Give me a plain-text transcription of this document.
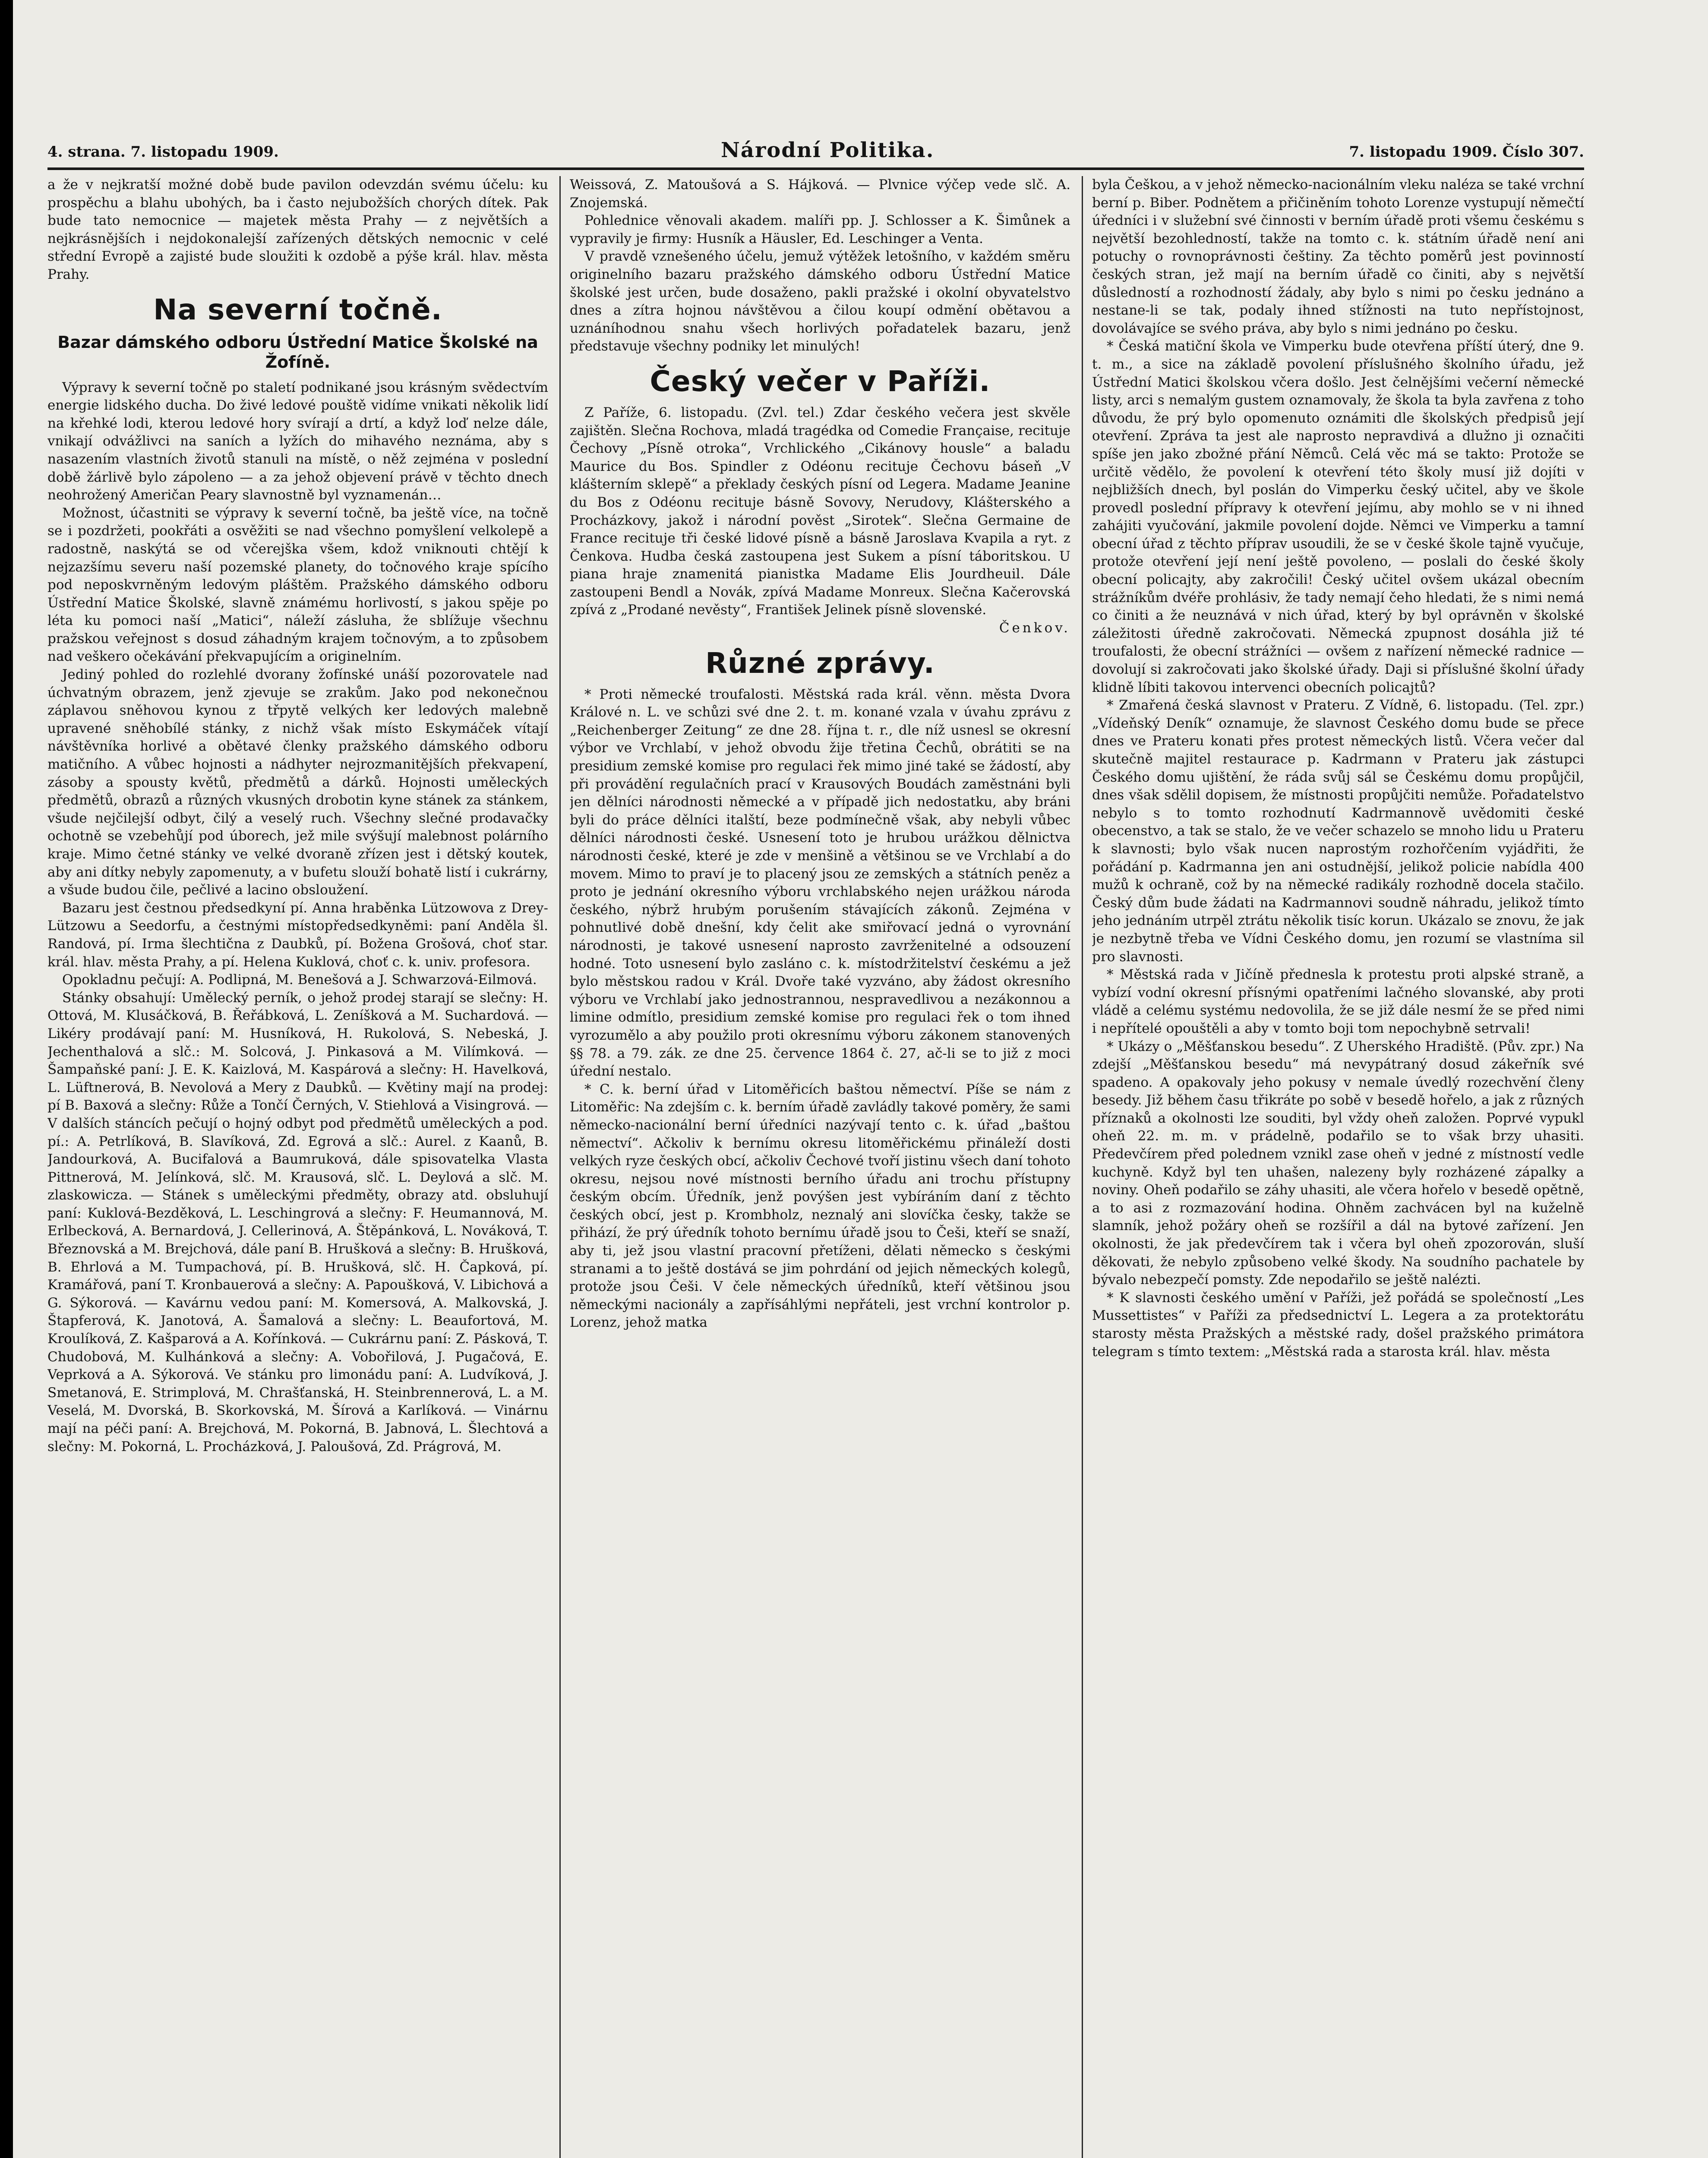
4. strana. 7. listopadu 1909.	Národní Politika.	7. listopadu 1909. Číslo 307.

a že v nejkratší možné době bude pavilon odevzdán svému účelu: ku prospěchu a blahu ubohých, ba i často nejubožších chorých dítek. Pak bude tato nemocnice — majetek města Prahy — z největších a nejkrásnějších i nejdokonalejší zařízených dětských nemocnic v celé střední Evropě a zajisté bude sloužiti k ozdobě a pýše král. hlav. města Prahy.

Na severní točně.
Bazar dámského odboru Ústřední Matice Školské na Žofíně.

Výpravy k severní točně po staletí podnikané jsou krásným svědectvím energie lidského ducha. Do živé ledové pouště vidíme vnikati několik lidí na křehké lodi, kterou ledové hory svírají a drtí, a když loď nelze dále, vnikají odvážlivci na saních a lyžích do mihavého neznáma, aby s nasazením vlastních životů stanuli na místě, o něž zejména v poslední době žárlivě bylo zápoleno — a za jehož objevení právě v těchto dnech neohrožený Američan Peary slavnostně byl vyznamenán…

Možnost, účastniti se výpravy k severní točně, ba ještě více, na točně se i pozdržeti, pookřáti a osvěžiti se nad všechno pomyšlení velkolepě a radostně, naskýtá se od včerejška všem, kdož vniknouti chtějí k nejzazšímu severu naší pozemské planety, do točnového kraje spícího pod neposkvrněným ledovým pláštěm. Pražského dámského odboru Ústřední Matice Školské, slavně známému horlivostí, s jakou spěje po léta ku pomoci naší „Matici“, náleží zásluha, že sblížuje všechnu pražskou veřejnost s dosud záhadným krajem točnovým, a to způsobem nad veškero očekávání překvapujícím a originelním.

Jediný pohled do rozlehlé dvorany žofínské unáší pozorovatele nad úchvatným obrazem, jenž zjevuje se zrakům. Jako pod nekonečnou záplavou sněhovou kynou z třpytě velkých ker ledových malebně upravené sněhobílé stánky, z nichž však místo Eskymáček vítají návštěvníka horlivé a obětavé členky pražského dámského odboru matičního. A vůbec hojnosti a nádhyter nejrozmanitějších překvapení, zásoby a spousty květů, předmětů a dárků. Hojnosti uměleckých předmětů, obrazů a různých vkusných drobotin kyne stánek za stánkem, všude nejčilejší odbyt, čilý a veselý ruch. Všechny slečné prodavačky ochotně se vzebehůjí pod úborech, jež mile svýšují malebnost polárního kraje. Mimo četné stánky ve velké dvoraně zřízen jest i dětský koutek, aby ani dítky nebyly zapomenuty, a v bufetu slouží bohatě listí i cukrárny, a všude budou čile, pečlivé a lacino obsloužení.

Bazaru jest čestnou předsedkyní pí. Anna hraběnka Lützowova z Drey-Lützowu a Seedorfu, a čestnými místopředsedkyněmi: paní Anděla šl. Randová, pí. Irma šlechtična z Daubků, pí. Božena Grošová, choť star. král. hlav. města Prahy, a pí. Helena Kuklová, choť c. k. univ. profesora.

Opokladnu pečují: A. Podlipná, M. Benešová a J. Schwarzová-Eilmová.

Stánky obsahují: Umělecký perník, o jehož prodej starají se slečny: H. Ottová, M. Klusáčková, B. Řeřábková, L. Zeníšková a M. Suchardová. — Likéry prodávají paní: M. Husníková, H. Rukolová, S. Nebeská, J. Jechenthalová a slč.: M. Solcová, J. Pinkasová a M. Vilímková. — Šampaňské paní: J. E. K. Kaizlová, M. Kaspárová a slečny: H. Havelková, L. Lüftnerová, B. Nevolová a Mery z Daubků. — Květiny mají na prodej: pí B. Baxová a slečny: Růže a Tončí Černých, V. Stiehlová a Visingrová. — V dalších stáncích pečují o hojný odbyt pod předmětů uměleckých a pod. pí.: A. Petrlíková, B. Slavíková, Zd. Egrová a slč.: Aurel. z Kaanů, B. Jandourková, A. Bucifalová a Baumruková, dále spisovatelka Vlasta Pittnerová, M. Jelínková, slč. M. Krausová, slč. L. Deylová a slč. M. zlaskowicza. — Stánek s uměleckými předměty, obrazy atd. obsluhují paní: Kuklová-Bezděková, L. Leschingrová a slečny: F. Heumannová, M. Erlbecková, A. Bernardová, J. Cellerinová, A. Štěpánková, L. Nováková, T. Březnovská a M. Brejchová, dále paní B. Hrušková a slečny: B. Hrušková, B. Ehrlová a M. Tumpachová, pí. B. Hrušková, slč. H. Čapková, pí. Kramářová, paní T. Kronbauerová a slečny: A. Papoušková, V. Libichová a G. Sýkorová. — Kavárnu vedou paní: M. Komersová, A. Malkovská, J. Štapferová, K. Janotová, A. Šamalová a slečny: L. Beaufortová, M. Kroulíková, Z. Kašparová a A. Kořínková. — Cukrárnu paní: Z. Pásková, T. Chudobová, M. Kulhánková a slečny: A. Vobořilová, J. Pugačová, E. Veprková a A. Sýkorová. Ve stánku pro limonádu paní: A. Ludvíková, J. Smetanová, E. Strimplová, M. Chrašťanská, H. Steinbrennerová, L. a M. Veselá, M. Dvorská, B. Skorkovská, M. Šírová a Karlíková. — Vinárnu mají na péči paní: A. Brejchová, M. Pokorná, B. Jabnová, L. Šlechtová a slečny: M. Pokorná, L. Procházková, J. Paloušová, Zd. Prágrová, M.

Weissová, Z. Matoušová a S. Hájková. — Plvnice výčep vede slč. A. Znojemská.

Pohlednice věnovali akadem. malíři pp. J. Schlosser a K. Šimůnek a vypravily je firmy: Husník a Häusler, Ed. Leschinger a Venta.

V pravdě vznešeného účelu, jemuž výtěžek letošního, v každém směru originelního bazaru pražského dámského odboru Ústřední Matice školské jest určen, bude dosaženo, pakli pražské i okolní obyvatelstvo dnes a zítra hojnou návštěvou a čilou koupí odmění obětavou a uznáníhodnou snahu všech horlivých pořadatelek bazaru, jenž představuje všechny podniky let minulých!

Český večer v Paříži.

Z Paříže, 6. listopadu. (Zvl. tel.) Zdar českého večera jest skvěle zajištěn. Slečna Rochova, mladá tragédka od Comedie Française, recituje Čechovy „Písně otroka“, Vrchlického „Cikánovy housle“ a baladu Maurice du Bos. Spindler z Odéonu recituje Čechovu báseň „V klášterním sklepě“ a překlady českých písní od Legera. Madame Jeanine du Bos z Odéonu recituje básně Sovovy, Nerudovy, Klášterského a Procházkovy, jakož i národní pověst „Sirotek“. Slečna Germaine de France recituje tři české lidové písně a básně Jaroslava Kvapila a ryt. z Čenkova. Hudba česká zastoupena jest Sukem a písní táboritskou. U piana hraje znamenitá pianistka Madame Elis Jourdheuil. Dále zastoupeni Bendl a Novák, zpívá Madame Monreux. Slečna Kačerovská zpívá z „Prodané nevěsty“, František Jelinek písně slovenské.

Čenkov.

Různé zprávy.

* Proti německé troufalosti. Městská rada král. věnn. města Dvora Králové n. L. ve schůzi své dne 2. t. m. konané vzala v úvahu zprávu z „Reichenberger Zeitung“ ze dne 28. října t. r., dle níž usnesl se okresní výbor ve Vrchlabí, v jehož obvodu žije třetina Čechů, obrátiti se na presidium zemské komise pro regulaci řek mimo jiné také se žádostí, aby při provádění regulačních prací v Krausových Boudách zaměstnáni byli jen dělníci národnosti německé a v případě jich nedostatku, aby bráni byli do práce dělníci italští, beze podmínečně však, aby nebyli vůbec dělníci národnosti české. Usnesení toto je hrubou urážkou dělnictva národnosti české, které je zde v menšině a většinou se ve Vrchlabí a do movem. Mimo to praví je to placený jsou ze zemských a státních peněz a proto je jednání okresního výboru vrchlabského nejen urážkou národa českého, nýbrž hrubým porušením stávajících zákonů. Zejména v pohnutlivé době dnešní, kdy čelit ake smiřovací jedná o vyrovnání národnosti, je takové usnesení naprosto zavrženitelné a odsouzení hodné. Toto usnesení bylo zasláno c. k. místodržitelství českému a jež bylo městskou radou v Král. Dvoře také vyzváno, aby žádost okresního výboru ve Vrchlabí jako jednostrannou, nespravedlivou a nezákonnou a limine odmítlo, presidium zemské komise pro regulaci řek o tom ihned vyrozumělo a aby použilo proti okresnímu výboru zákonem stanovených §§ 78. a 79. zák. ze dne 25. července 1864 č. 27, ač-li se to již z moci úřední nestalo.

* C. k. berní úřad v Litoměřicích baštou němectví. Píše se nám z Litoměřic: Na zdejším c. k. berním úřadě zavládly takové poměry, že sami německo-nacionální berní úředníci nazývají tento c. k. úřad „baštou němectví“. Ačkoliv k bernímu okresu litoměřickému přináleží dosti velkých ryze českých obcí, ačkoliv Čechové tvoří jistinu všech daní tohoto okresu, nejsou nové místnosti berního úřadu ani trochu přístupny českým obcím. Úředník, jenž povýšen jest vybíráním daní z těchto českých obcí, jest p. Krombholz, neznalý ani slovíčka česky, takže se přihází, že prý úředník tohoto bernímu úřadě jsou to Češi, kteří se snaží, aby ti, jež jsou vlastní pracovní přetíženi, dělati německo s českými stranami a to ještě dostává se jim pohrdání od jejich německých kolegů, protože jsou Češi. V čele německých úředníků, kteří většinou jsou německými nacionály a zapřísáhlými nepřáteli, jest vrchní kontrolor p. Lorenz, jehož matka

byla Češkou, a v jehož německo-nacionálním vleku naléza se také vrchní berní p. Biber. Podnětem a přičiněním tohoto Lorenze vystupují němečtí úředníci i v služební své činnosti v berním úřadě proti všemu českému s největší bezohledností, takže na tomto c. k. státním úřadě není ani potuchy o rovnoprávnosti češtiny. Za těchto poměrů jest povinností českých stran, jež mají na berním úřadě co činiti, aby s největší důsledností a rozhodností žádaly, aby bylo s nimi po česku jednáno a nestane-li se tak, podaly ihned stížnosti na tuto nepřístojnost, dovolávajíce se svého práva, aby bylo s nimi jednáno po česku.

* Česká matiční škola ve Vimperku bude otevřena příští úterý, dne 9. t. m., a sice na základě povolení příslušného školního úřadu, jež Ústřední Matici školskou včera došlo. Jest čelnějšími večerní německé listy, arci s nemalým gustem oznamovaly, že škola ta byla zavřena z toho důvodu, že prý bylo opomenuto oznámiti dle školských předpisů její otevření. Zpráva ta jest ale naprosto nepravdivá a dlužno ji označiti spíše jen jako zbožné přání Němců. Celá věc má se takto: Protože se určitě vědělo, že povolení k otevření této školy musí již dojíti v nejbližších dnech, byl poslán do Vimperku český učitel, aby ve škole provedl poslední přípravy k otevření jejímu, aby mohlo se v ni ihned zahájiti vyučování, jakmile povolení dojde. Němci ve Vimperku a tamní obecní úřad z těchto příprav usoudili, že se v české škole tajně vyučuje, protože otevření její není ještě povoleno, — poslali do české školy obecní policajty, aby zakročili! Český učitel ovšem ukázal obecním strážníkům dvéře prohlásiv, že tady nemají čeho hledati, že s nimi nemá co činiti a že neuznává v nich úřad, který by byl oprávněn v školské záležitosti úředně zakročovati. Německá zpupnost dosáhla již té troufalosti, že obecní strážníci — ovšem z nařízení německé radnice — dovolují si zakročovati jako školské úřady. Daji si příslušné školní úřady klidně líbiti takovou intervenci obecních policajtů?

* Zmařená česká slavnost v Prateru. Z Vídně, 6. listopadu. (Tel. zpr.) „Vídeňský Deník“ oznamuje, že slavnost Českého domu bude se přece dnes ve Prateru konati přes protest německých listů. Včera večer dal skutečně majitel restaurace p. Kadrmann v Prateru jak zástupci Českého domu ujištění, že ráda svůj sál se Českému domu propůjčil, dnes však sdělil dopisem, že místnosti propůjčiti nemůže. Pořadatelstvo nebylo s to tomto rozhodnutí Kadrmannově uvědomiti české obecenstvo, a tak se stalo, že ve večer schazelo se mnoho lidu u Prateru k slavnosti; bylo však nucen naprostým rozhořčením vyjádřiti, že pořádání p. Kadrmanna jen ani ostudnější, jelikož policie nabídla 400 mužů k ochraně, což by na německé radikály rozhodně docela stačilo. Český dům bude žádati na Kadrmannovi soudně náhradu, jelikož tímto jeho jednáním utrpěl ztrátu několik tisíc korun. Ukázalo se znovu, že jak je nezbytně třeba ve Vídni Českého domu, jen rozumí se vlastníma sil pro slavnosti.

* Městská rada v Jičíně přednesla k protestu proti alpské straně, a vybízí vodní okresní přísnými opatřeními lačného slovanské, aby proti vládě a celému systému nedovolila, že se již dále nesmí že se před nimi i nepřítelé opouštěli a aby v tomto boji tom nepochybně setrvali!

* Ukázy o „Měšťanskou besedu“. Z Uherského Hradiště. (Pův. zpr.) Na zdejší „Měšťanskou besedu“ má nevypátraný dosud zákeřník své spadeno. A opakovaly jeho pokusy v nemale úvedlý rozechvění členy besedy. Již během času třikráte po sobě v besedě hořelo, a jak z různých příznaků a okolnosti lze souditi, byl vždy oheň založen. Poprvé vypukl oheň 22. m. m. v prádelně, podařilo se to však brzy uhasiti. Předevčírem před polednem vznikl zase oheň v jedné z místností vedle kuchyně. Když byl ten uhašen, nalezeny byly rozházené zápalky a noviny. Oheň podařilo se záhy uhasiti, ale včera hořelo v besedě opětně, a to asi z rozmazování hodina. Ohněm zachvácen byl na kuželně slamník, jehož požáry oheň se rozšířil a dál na bytové zařízení. Jen okolnosti, že jak předevčírem tak i včera byl oheň zpozorován, sluší děkovati, že nebylo způsobeno velké škody. Na soudního pachatele by bývalo nebezpečí pomsty. Zde nepodařilo se ještě nalézti.

* K slavnosti českého umění v Paříži, jež pořádá se společností „Les Mussettistes“ v Paříži za předsednictví L. Legera a za protektorátu starosty města Pražských a městské rady, došel pražského primátora telegram s tímto textem: „Městská rada a starosta král. hlav. města
